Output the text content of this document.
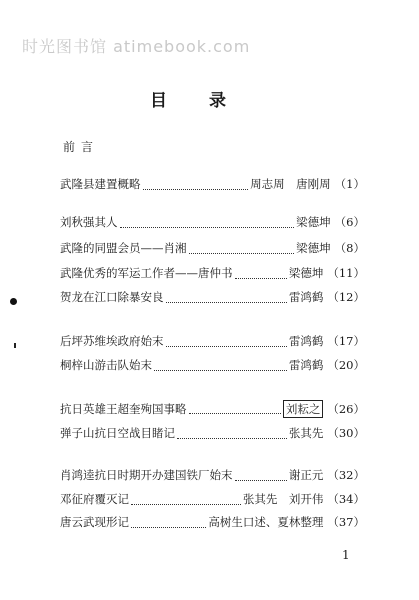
时光图书馆 atimebook.com
目 录
前言
武隆县建置概略	周志周　唐刚周 （1）
刘秋强其人	梁德坤 （6）
武隆的同盟会员——肖湘	梁德坤 （8）
武隆优秀的军运工作者——唐仲书	梁德坤 （11）
贺龙在江口除暴安良	雷鸿鹤 （12）
后坪苏维埃政府始末	雷鸿鹤 （17）
桐梓山游击队始末	雷鸿鹤 （20）
抗日英雄王超奎殉国事略	刘耘之 （26）
弹子山抗日空战目睹记	张其先 （30）
肖鸿逵抗日时期开办建国铁厂始末	谢正元 （32）
邓征府覆灭记	张其先　刘开伟 （34）
唐云武现形记	高树生口述、夏林整理 （37）
1
